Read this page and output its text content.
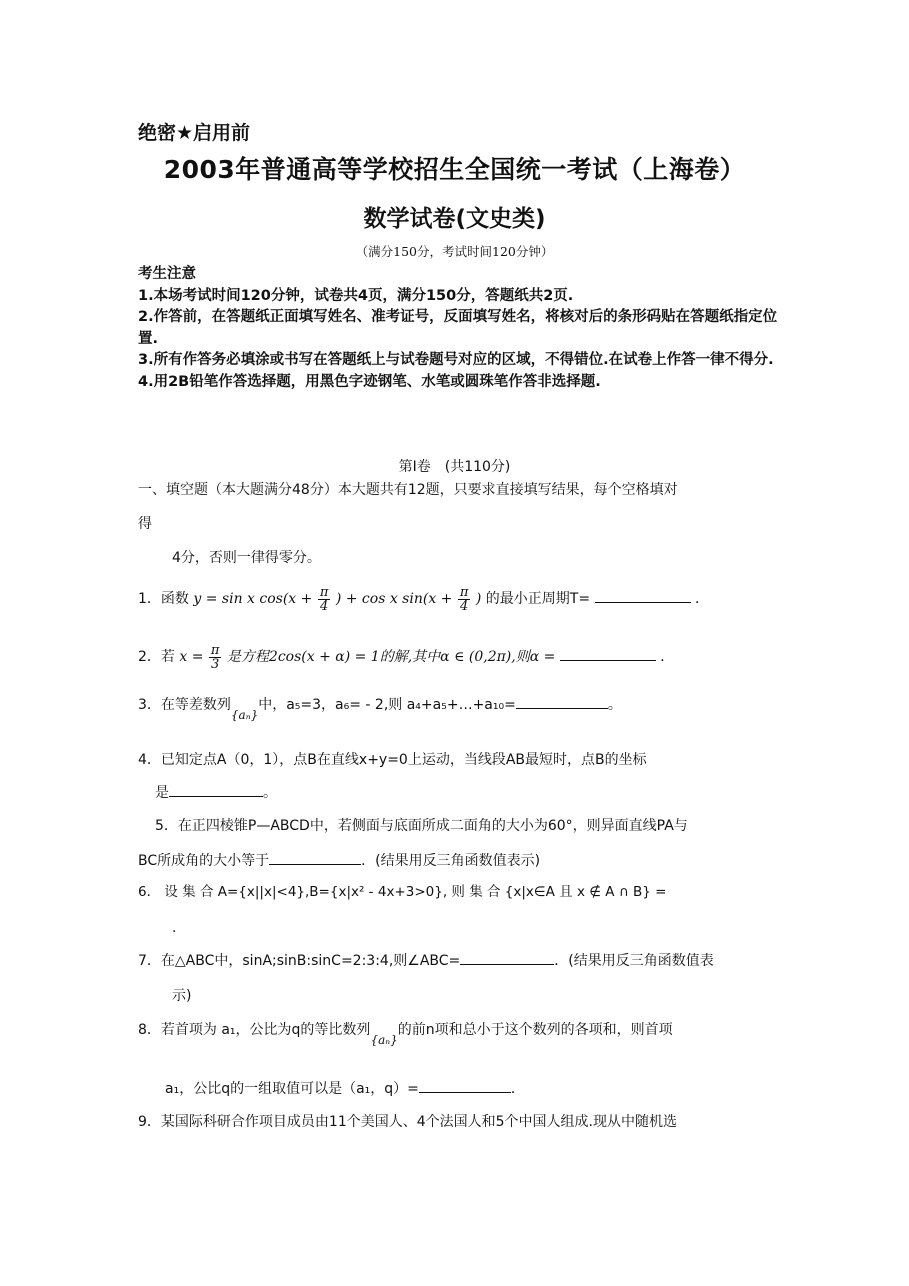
绝密★启用前
2003年普通高等学校招生全国统一考试（上海卷）
数学试卷(文史类)
（满分150分，考试时间120分钟）
考生注意
1.本场考试时间120分钟，试卷共4页，满分150分，答题纸共2页.
2.作答前，在答题纸正面填写姓名、准考证号，反面填写姓名，将核对后的条形码贴在答题纸指定位置.
3.所有作答务必填涂或书写在答题纸上与试卷题号对应的区域，不得错位.在试卷上作答一律不得分.
4.用2B铅笔作答选择题，用黑色字迹钢笔、水笔或圆珠笔作答非选择题.
第Ⅰ卷　(共110分)
一、填空题（本大题满分48分）本大题共有12题，只要求直接填写结果，每个空格填对
得
4分，否则一律得零分。
1．函数 y = sin x $\cos(x + \frac{\pi}{4}$ ) + cos x $\sin(x + \frac{\pi}{4}$ ) 的最小正周期T=	．
2．若 $x = \frac{\pi}{3}$ 是方程2cos(x + α) = 1的解,其中α ∈ (0,2π),则α =	．
3．在等差数列{aₙ}中，a₅=3，a₆= - 2,则 a₄+a₅+…+a₁₀=	。
4．已知定点A（0，1），点B在直线x+y=0上运动，当线段AB最短时，点B的坐标
是	。
5．在正四棱锥P—ABCD中，若侧面与底面所成二面角的大小为60°，则异面直线PA与
BC所成角的大小等于	．(结果用反三角函数值表示)
6． 设 集 合 A={x||x|<4},B={x|x² - 4x+3>0}, 则 集 合 {x|x∈A 且 x ∉ A ∩ B} =
.
7．在△ABC中，sinA;sinB:sinC=2:3:4,则∠ABC=	．(结果用反三角函数值表
示)
8．若首项为 a₁，公比为q的等比数列{aₙ}的前n项和总小于这个数列的各项和，则首项
a₁，公比q的一组取值可以是（a₁，q）=	．
9．某国际科研合作项目成员由11个美国人、4个法国人和5个中国人组成.现从中随机选
